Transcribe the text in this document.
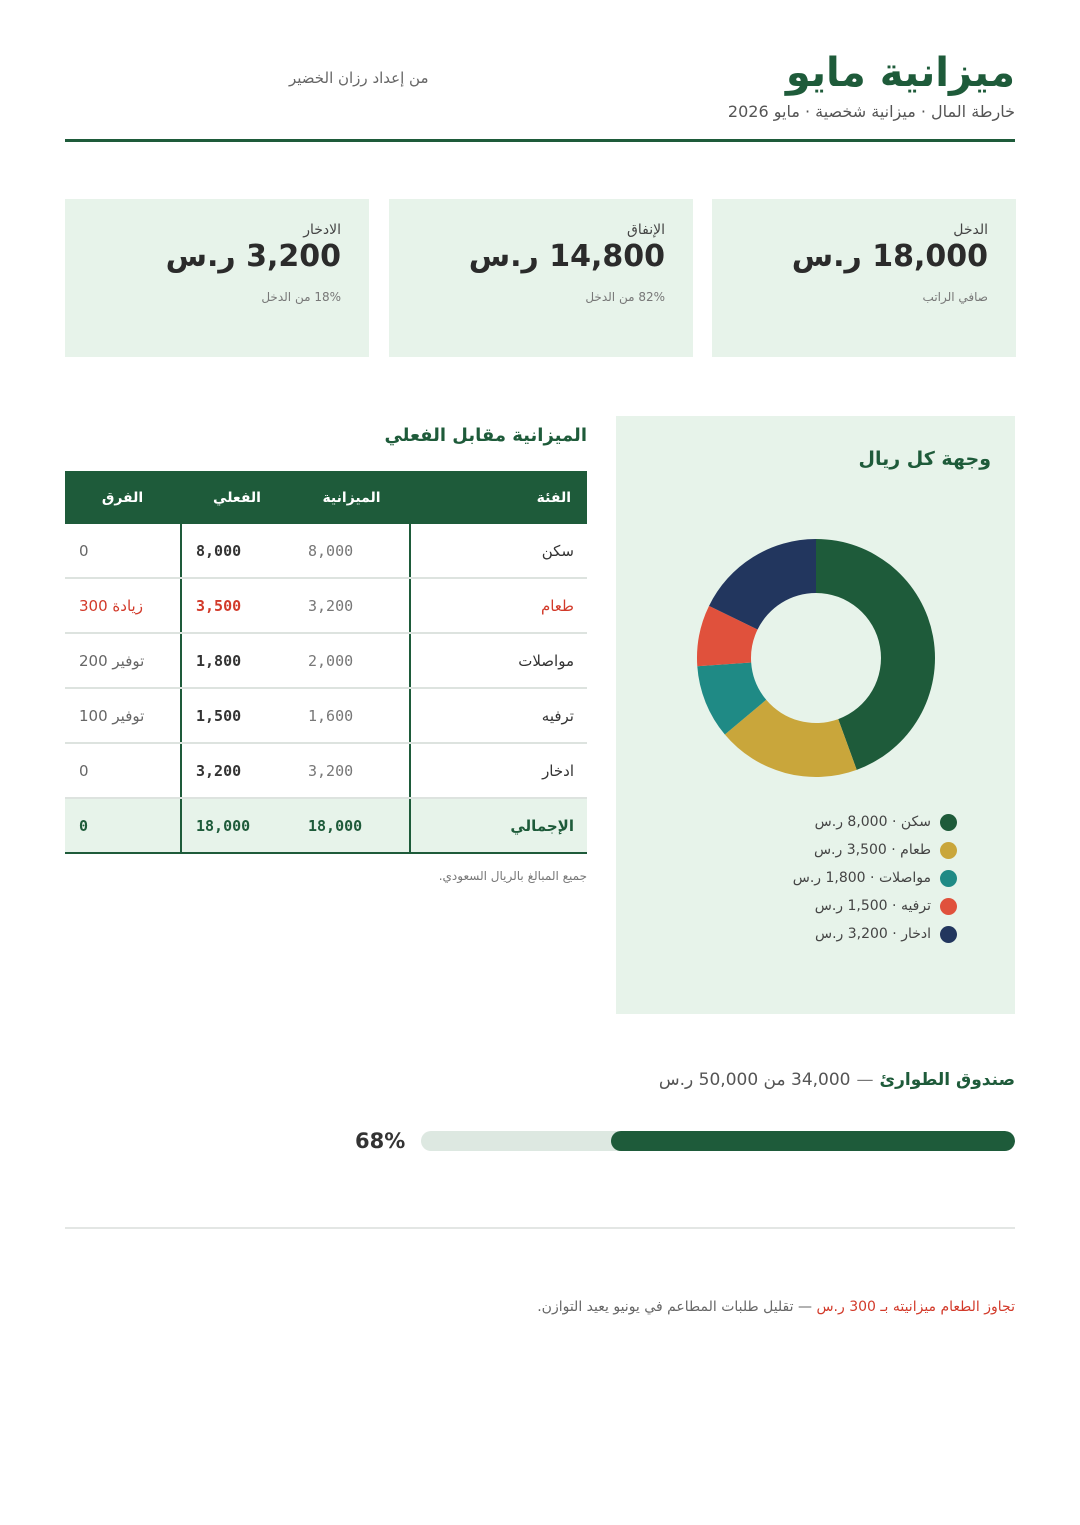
ميزانية مايو
خارطة المال · ميزانية شخصية · مايو 2026
من إعداد رزان الخضير
الدخل
18,000 ر.س
صافي الراتب
الإنفاق
14,800 ر.س
82% من الدخل
الادخار
3,200 ر.س
18% من الدخل
وجهة كل ريال
سكن · 8,000 ر.س
طعام · 3,500 ر.س
مواصلات · 1,800 ر.س
ترفيه · 1,500 ر.س
ادخار · 3,200 ر.س
الميزانية مقابل الفعلي
الفئة
الميزانية
الفعلي
الفرق
سكن
8,000
8,000
0
طعام
3,200
3,500
زيادة 300
مواصلات
2,000
1,800
توفير 200
ترفيه
1,600
1,500
توفير 100
ادخار
3,200
3,200
0
الإجمالي
18,000
18,000
0
جميع المبالغ بالريال السعودي.
صندوق الطوارئ—34,000 من 50,000 ر.س
68%
تجاوز الطعام ميزانيته بـ 300 ر.س — تقليل طلبات المطاعم في يونيو يعيد التوازن.
